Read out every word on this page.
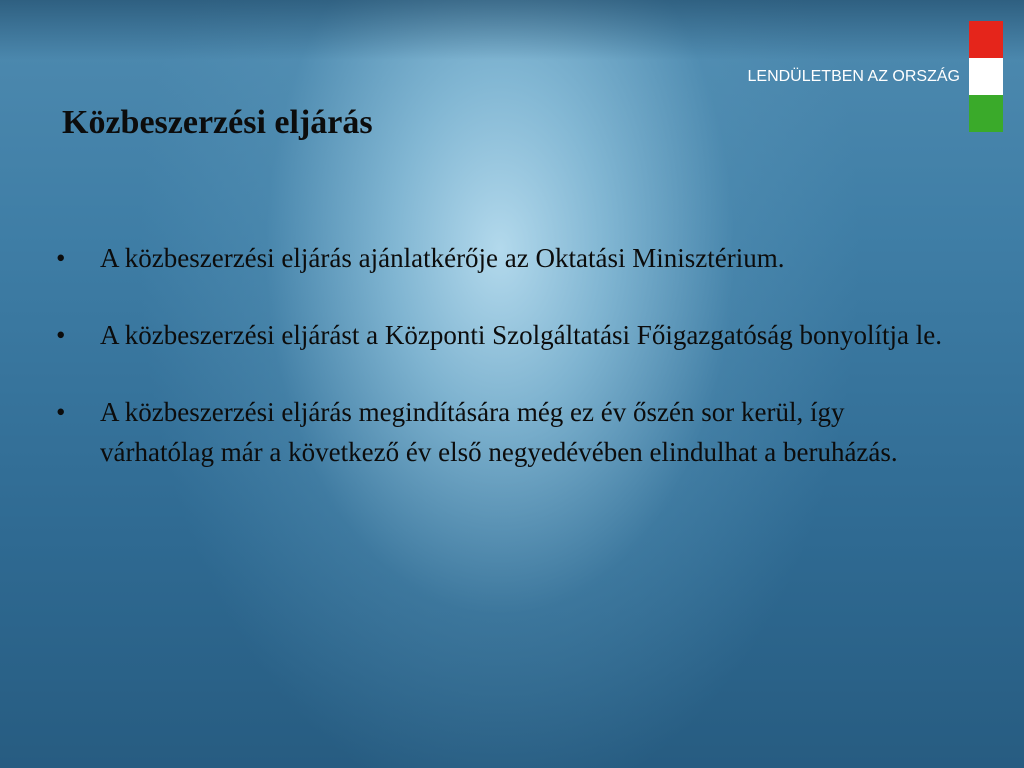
LENDÜLETBEN AZ ORSZÁG
Közbeszerzési eljárás
• A közbeszerzési eljárás ajánlatkérője az Oktatási Minisztérium.
• A közbeszerzési eljárást a Központi Szolgáltatási Főigazgatóság bonyolítja le.
• A közbeszerzési eljárás megindítására még ez év őszén sor kerül, így várhatólag már a következő év első negyedévében elindulhat a beruházás.
